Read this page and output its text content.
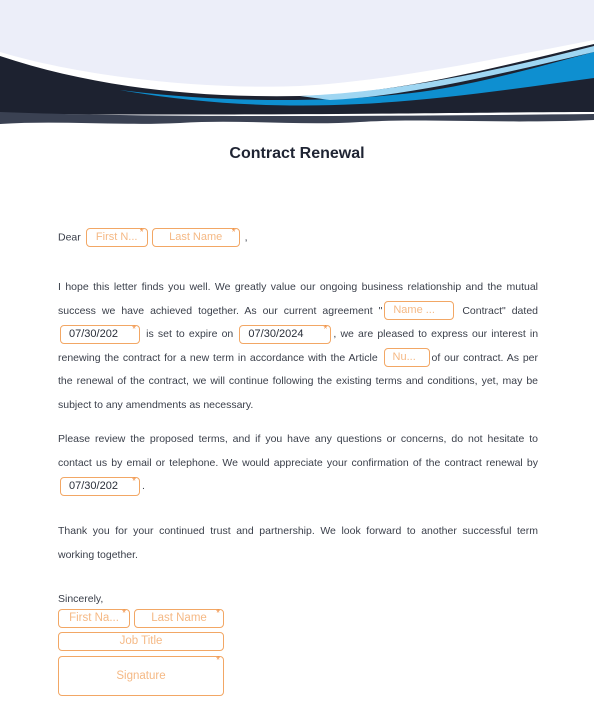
Contract Renewal
Dear First N... * Last Name * ,
I hope this letter finds you well. We greatly value our ongoing business relationship and the mutual success we have achieved together. As our current agreement " Name ...	Contract" dated 07/30/202 * is set to expire on 07/30/2024 * , we are pleased to express our interest in renewing the contract for a new term in accordance with the Article Nu... of our contract. As per the renewal of the contract, we will continue following the existing terms and conditions, yet, may be subject to any amendments as necessary.
Please review the proposed terms, and if you have any questions or concerns, do not hesitate to contact us by email or telephone. We would appreciate your confirmation of the contract renewal by 07/30/202 * .
Thank you for your continued trust and partnership. We look forward to another successful term working together.
Sincerely,
First Na... *	Last Name *
Job Title
Signature
*
